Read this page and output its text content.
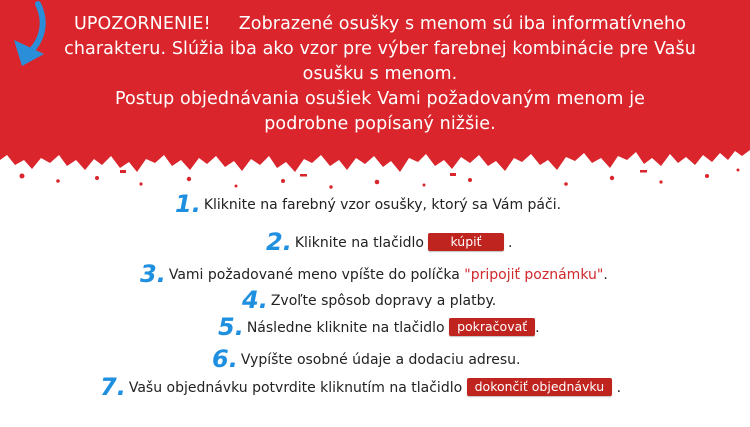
UPOZORNENIE! Zobrazené osušky s menom sú iba informatívneho
charakteru. Slúžia iba ako vzor pre výber farebnej kombinácie pre Vašu
osušku s menom.
Postup objednávania osušiek Vami požadovaným menom je
podrobne popísaný nižšie.
1. Kliknite na farebný vzor osušky, ktorý sa Vám páči.
2. Kliknite na tlačidlo kúpiť .
3. Vami požadované meno vpíšte do políčka "pripojiť poznámku".
4. Zvoľte spôsob dopravy a platby.
5. Následne kliknite na tlačidlo pokračovať .
6. Vypíšte osobné údaje a dodaciu adresu.
7. Vašu objednávku potvrdite kliknutím na tlačidlo dokončiť objednávku .
